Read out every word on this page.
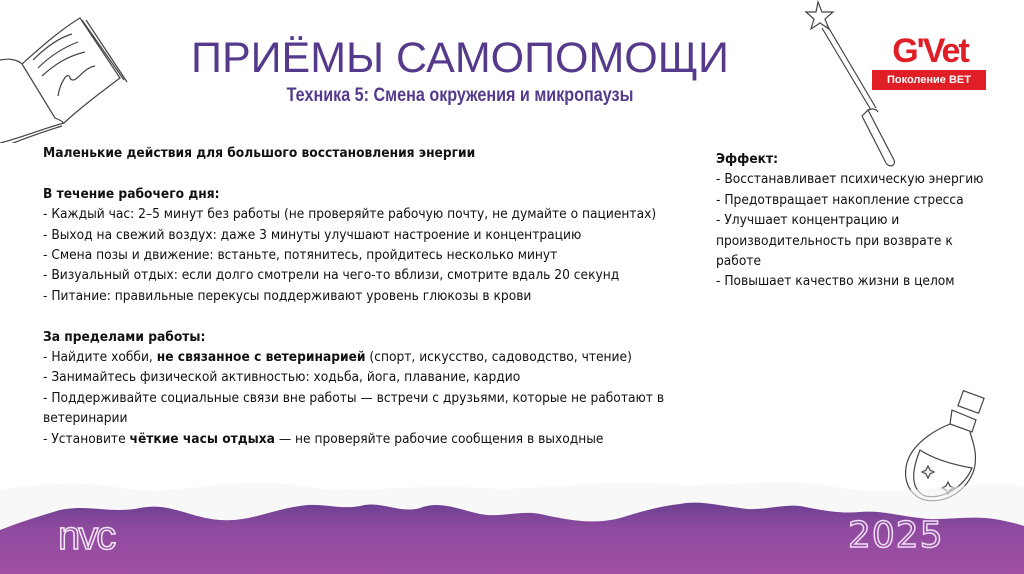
ПРИЁМЫ САМОПОМОЩИ
Техника 5: Смена окружения и микропаузы
G'Vet
Поколение ВЕТ
Маленькие действия для большого восстановления энергии
В течение рабочего дня:
- Каждый час: 2–5 минут без работы (не проверяйте рабочую почту, не думайте о пациентах)
- Выход на свежий воздух: даже 3 минуты улучшают настроение и концентрацию
- Смена позы и движение: встаньте, потянитесь, пройдитесь несколько минут
- Визуальный отдых: если долго смотрели на чего-то вблизи, смотрите вдаль 20 секунд
- Питание: правильные перекусы поддерживают уровень глюкозы в крови
За пределами работы:
- Найдите хобби, не связанное с ветеринарией (спорт, искусство, садоводство, чтение)
- Занимайтесь физической активностью: ходьба, йога, плавание, кардио
- Поддерживайте социальные связи вне работы — встречи с друзьями, которые не работают в ветеринарии
- Установите чёткие часы отдыха — не проверяйте рабочие сообщения в выходные
Эффект:
- Восстанавливает психическую энергию
- Предотвращает накопление стресса
- Улучшает концентрацию и производительность при возврате к работе
- Повышает качество жизни в целом
nvc	2025
